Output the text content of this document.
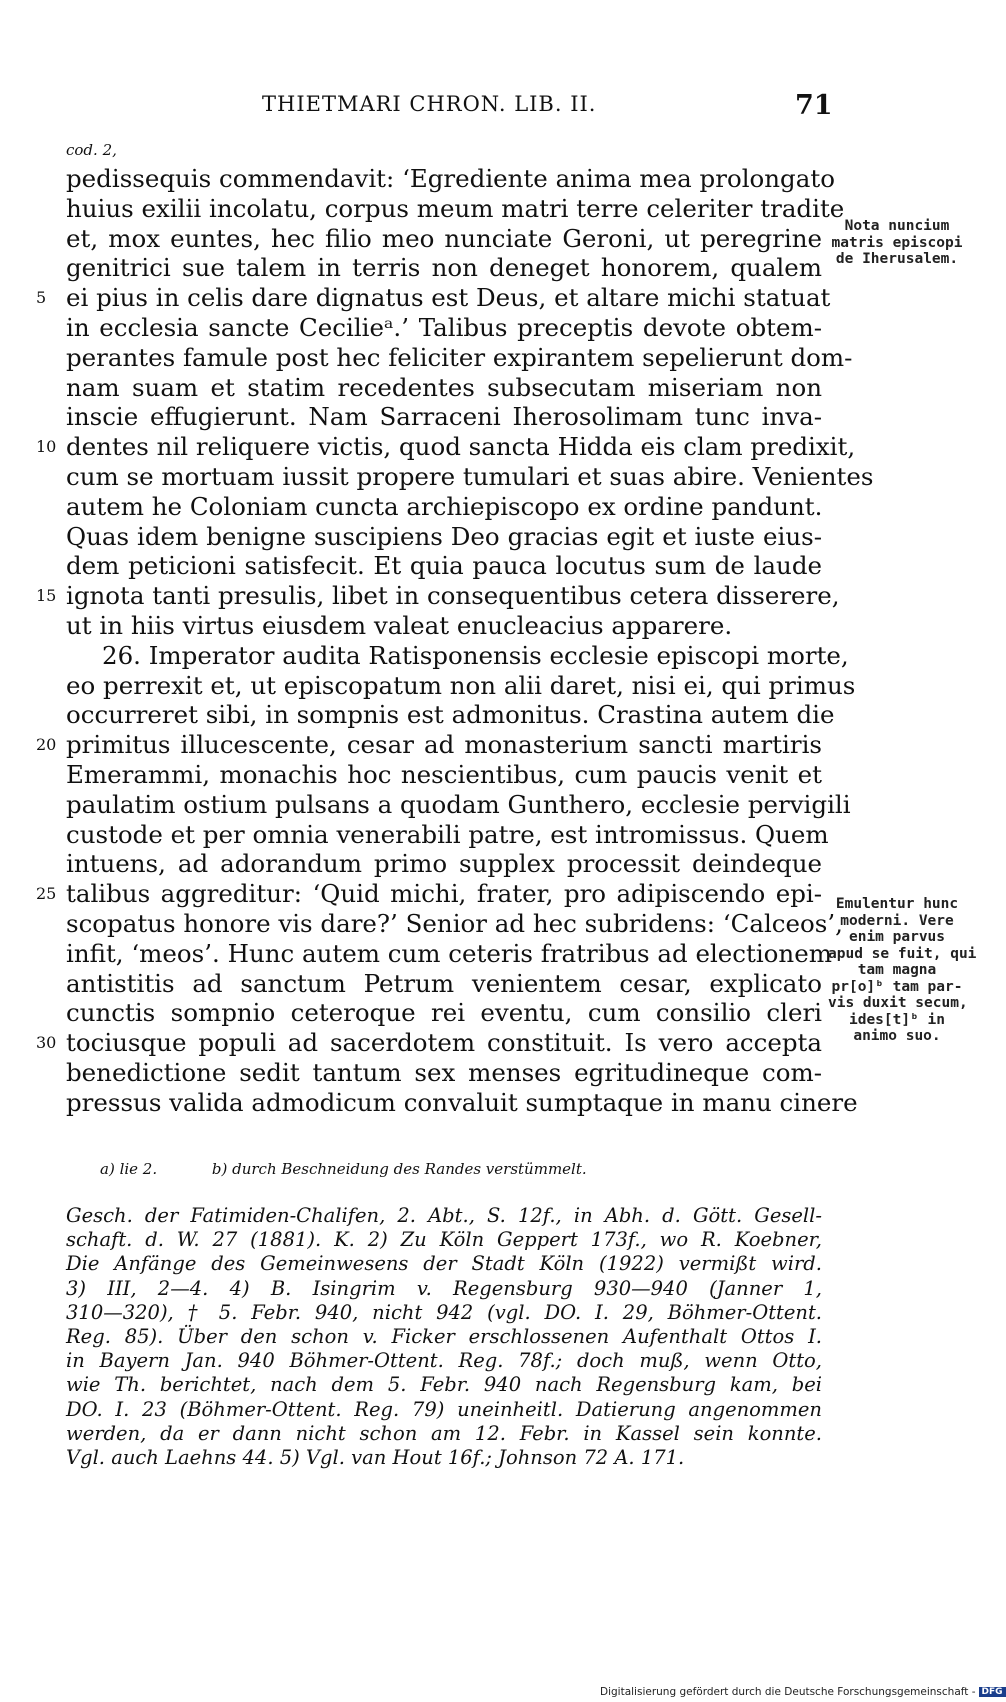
THIETMARI CHRON. LIB. II.	71
cod. 2,
pedissequis commendavit: ‘Egrediente anima mea prolongato
huius exilii incolatu, corpus meum matri terre celeriter tradite
et, mox euntes, hec filio meo nunciate Geroni, ut peregrine
genitrici sue talem in terris non deneget honorem, qualem
5 ei pius in celis dare dignatus est Deus, et altare michi statuat
in ecclesia sancte Cecilieᵃ.’ Talibus preceptis devote obtem-
perantes famule post hec feliciter expirantem sepelierunt dom-
nam suam et statim recedentes subsecutam miseriam non
inscie effugierunt. Nam Sarraceni Iherosolimam tunc inva-
10 dentes nil reliquere victis, quod sancta Hidda eis clam predixit,
cum se mortuam iussit propere tumulari et suas abire. Venientes
autem he Coloniam cuncta archiepiscopo ex ordine pandunt.
Quas idem benigne suscipiens Deo gracias egit et iuste eius-
dem peticioni satisfecit. Et quia pauca locutus sum de laude
15 ignota tanti presulis, libet in consequentibus cetera disserere,
ut in hiis virtus eiusdem valeat enucleacius apparere.
26. Imperator audita Ratisponensis ecclesie episcopi morte,
eo perrexit et, ut episcopatum non alii daret, nisi ei, qui primus
occurreret sibi, in sompnis est admonitus. Crastina autem die
20 primitus illucescente, cesar ad monasterium sancti martiris
Emerammi, monachis hoc nescientibus, cum paucis venit et
paulatim ostium pulsans a quodam Gunthero, ecclesie pervigili
custode et per omnia venerabili patre, est intromissus. Quem
intuens, ad adorandum primo supplex processit deindeque
25 talibus aggreditur: ‘Quid michi, frater, pro adipiscendo epi-
scopatus honore vis dare?’ Senior ad hec subridens: ‘Calceos’,
infit, ‘meos’. Hunc autem cum ceteris fratribus ad electionem
antistitis ad sanctum Petrum venientem cesar, explicato
cunctis sompnio ceteroque rei eventu, cum consilio cleri
30 tociusque populi ad sacerdotem constituit. Is vero accepta
benedictione sedit tantum sex menses egritudineque com-
pressus valida admodicum convaluit sumptaque in manu cinere
Nota nuncium
matris episcopi
de Iherusalem.
Emulentur hunc
moderni. Vere
enim parvus
apud se fuit, qui
tam magna
pr[o]ᵇ tam par-
vis duxit secum,
ides[t]ᵇ in
animo suo.
a) lie 2.	b) durch Beschneidung des Randes verstümmelt.
Gesch. der Fatimiden-Chalifen, 2. Abt., S. 12f., in Abh. d. Gött. Gesell-
schaft. d. W. 27 (1881). K. 2) Zu Köln Geppert 173f., wo R. Koebner,
Die Anfänge des Gemeinwesens der Stadt Köln (1922) vermißt wird.
3) III, 2—4. 4) B. Isingrim v. Regensburg 930—940 (Janner 1,
310—320), † 5. Febr. 940, nicht 942 (vgl. DO. I. 29, Böhmer-Ottent.
Reg. 85). Über den schon v. Ficker erschlossenen Aufenthalt Ottos I.
in Bayern Jan. 940 Böhmer-Ottent. Reg. 78f.; doch muß, wenn Otto,
wie Th. berichtet, nach dem 5. Febr. 940 nach Regensburg kam, bei
DO. I. 23 (Böhmer-Ottent. Reg. 79) uneinheitl. Datierung angenommen
werden, da er dann nicht schon am 12. Febr. in Kassel sein konnte.
Vgl. auch Laehns 44. 5) Vgl. van Hout 16f.; Johnson 72 A. 171.
Digitalisierung gefördert durch die Deutsche Forschungsgemeinschaft - DFG
